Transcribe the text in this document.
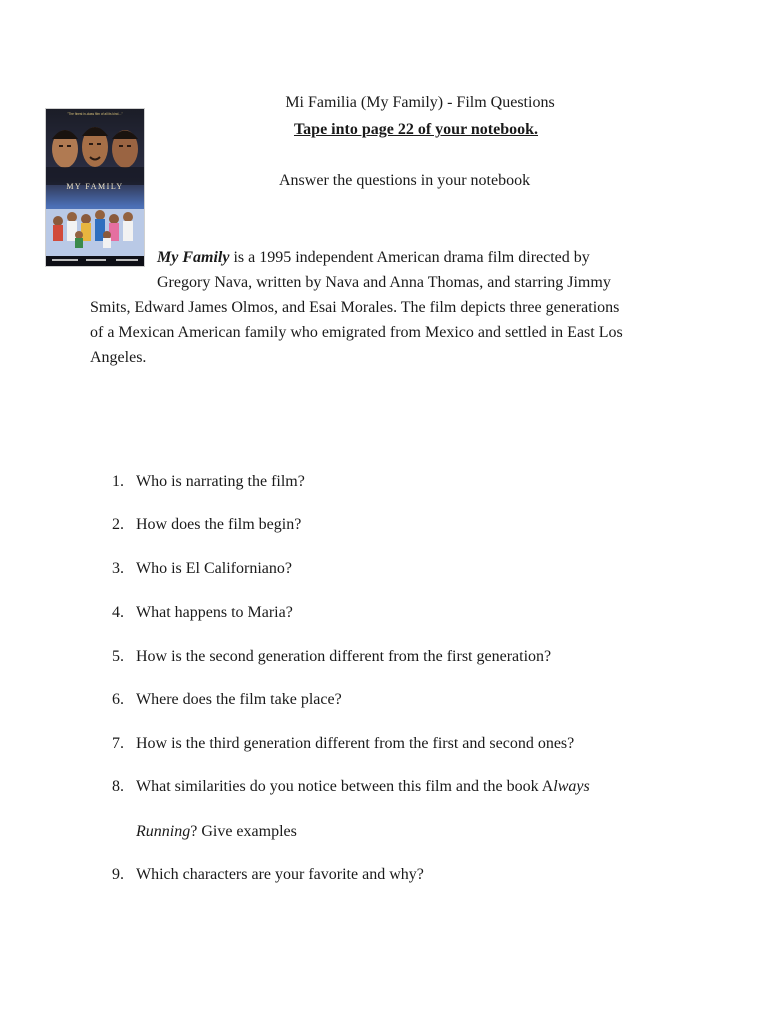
Mi Familia (My Family) - Film Questions
Tape into page 22 of your notebook.
Answer the questions in your notebook
"The finest in-class film of all its kind…"
MY FAMILY
My Family is a 1995 independent American drama film directed by
Gregory Nava, written by Nava and Anna Thomas, and starring Jimmy
Smits, Edward James Olmos, and Esai Morales. The film depicts three generations
of a Mexican American family who emigrated from Mexico and settled in East Los
Angeles.
1. Who is narrating the film?
2. How does the film begin?
3. Who is El Californiano?
4. What happens to Maria?
5. How is the second generation different from the first generation?
6. Where does the film take place?
7. How is the third generation different from the first and second ones?
8. What similarities do you notice between this film and the book Always
Running? Give examples
9. Which characters are your favorite and why?
